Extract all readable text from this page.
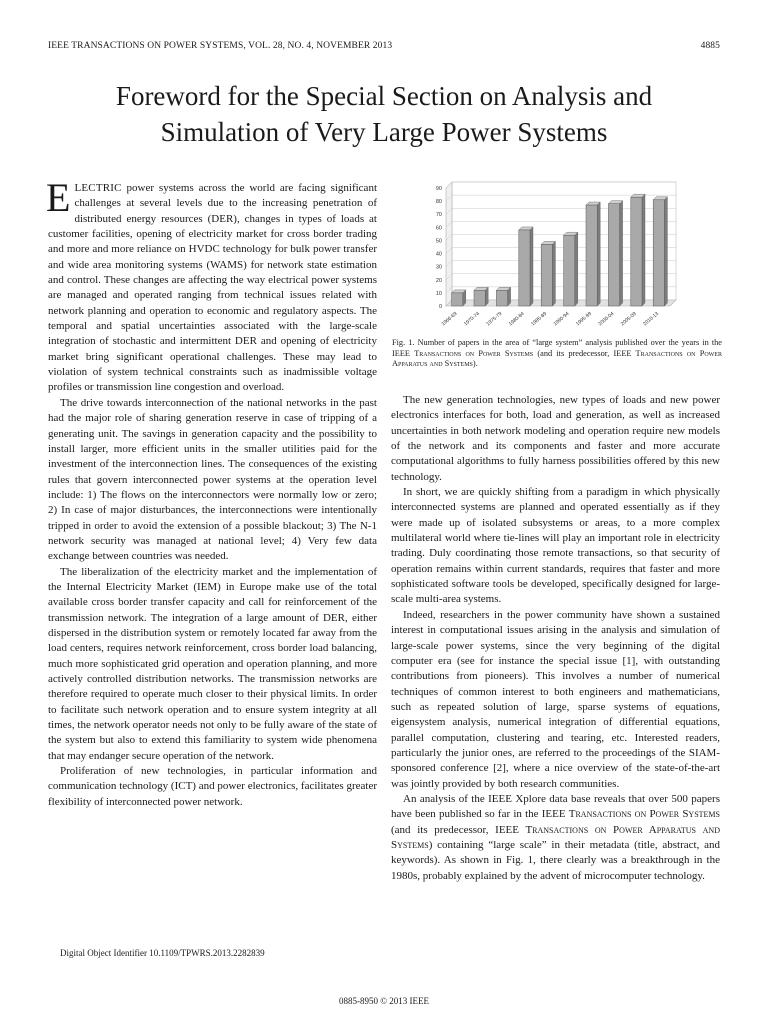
IEEE TRANSACTIONS ON POWER SYSTEMS, VOL. 28, NO. 4, NOVEMBER 2013	4885
Foreword for the Special Section on Analysis and
Simulation of Very Large Power Systems

ELECTRIC power systems across the world are facing significant challenges at several levels due to the increasing penetration of distributed energy resources (DER), changes in types of loads at customer facilities, opening of electricity market for cross border trading and more and more reliance on HVDC technology for bulk power transfer and wide area monitoring systems (WAMS) for network state estimation and control. These changes are affecting the way electrical power systems are managed and operated ranging from technical issues related with network planning and operation to economic and regulatory aspects. The temporal and spatial uncertainties associated with the large-scale integration of stochastic and intermittent DER and opening of electricity market bring significant operational challenges. These may lead to violation of system technical constraints such as inadmissible voltage profiles or transmission line congestion and overload.

The drive towards interconnection of the national networks in the past had the major role of sharing generation reserve in case of tripping of a generating unit. The savings in generation capacity and the possibility to install larger, more efficient units in the smaller utilities paid for the investment of the interconnection lines. The consequences of the existing rules that govern interconnected power systems at the operation level include: 1) The flows on the interconnectors were normally low or zero; 2) In case of major disturbances, the interconnections were intentionally tripped in order to avoid the extension of a possible blackout; 3) The N-1 network security was managed at national level; 4) Very few data exchange between countries was needed.

The liberalization of the electricity market and the implementation of the Internal Electricity Market (IEM) in Europe make use of the total available cross border transfer capacity and call for reinforcement of the transmission network. The integration of a large amount of DER, either dispersed in the distribution system or remotely located far away from the load centers, requires network reinforcement, cross border load balancing, much more sophisticated grid operation and operation planning, and more actively controlled distribution networks. The transmission networks are therefore required to operate much closer to their physical limits. In order to facilitate such network operation and to ensure system integrity at all times, the network operator needs not only to be fully aware of the state of the system but also to extend this familiarity to system wide phenomena that may endanger secure operation of the network.

Proliferation of new technologies, in particular information and communication technology (ICT) and power electronics, facilitates greater flexibility of interconnected power network.

0
10
20
30
40
50
60
70
80
90
1966-69 1970-74 1975-79 1980-84 1985-89 1990-94 1995-99 2000-04 2005-09 2010-13
Fig. 1. Number of papers in the area of “large system” analysis published over the years in the IEEE Transactions on Power Systems (and its predecessor, IEEE Transactions on Power Apparatus and Systems).

The new generation technologies, new types of loads and new power electronics interfaces for both, load and generation, as well as increased uncertainties in both network modeling and operation require new models of the network and its components and faster and more accurate computational algorithms to fully harness possibilities offered by this new technology.

In short, we are quickly shifting from a paradigm in which physically interconnected systems are planned and operated essentially as if they were made up of isolated subsystems or areas, to a more complex multilateral world where tie-lines will play an important role in electricity trading. Duly coordinating those remote transactions, so that security of operation remains within current standards, requires that faster and more sophisticated software tools be developed, specifically designed for large-scale multi-area systems.

Indeed, researchers in the power community have shown a sustained interest in computational issues arising in the analysis and simulation of large-scale power systems, since the very beginning of the digital computer era (see for instance the special issue [1], with outstanding contributions from pioneers). This involves a number of numerical techniques of common interest to both engineers and mathematicians, such as repeated solution of large, sparse systems of equations, eigensystem analysis, numerical integration of differential equations, parallel computation, clustering and tearing, etc. Interested readers, particularly the junior ones, are referred to the proceedings of the SIAM-sponsored conference [2], where a nice overview of the state-of-the-art was jointly provided by both research communities.

An analysis of the IEEE Xplore data base reveals that over 500 papers have been published so far in the IEEE Transactions on Power Systems (and its predecessor, IEEE Transactions on Power Apparatus and Systems) containing “large scale” in their metadata (title, abstract, and keywords). As shown in Fig. 1, there clearly was a breakthrough in the 1980s, probably explained by the advent of microcomputer technology.

Digital Object Identifier 10.1109/TPWRS.2013.2282839
0885-8950 © 2013 IEEE
